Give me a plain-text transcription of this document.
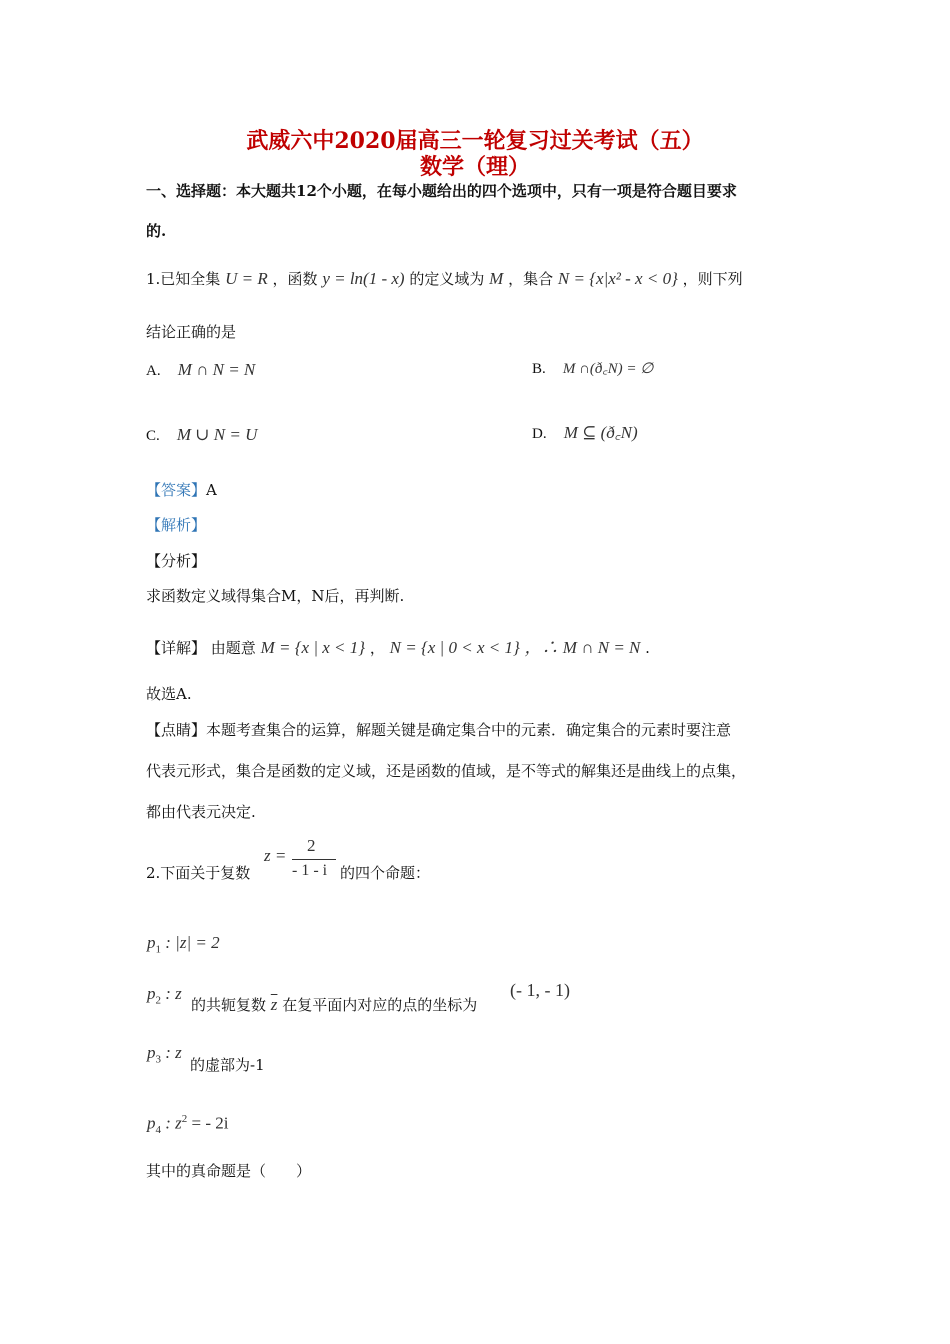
武威六中2020届高三一轮复习过关考试（五）
数学（理）
一、选择题：本大题共12个小题，在每小题给出的四个选项中，只有一项是符合题目要求
的.
1.已知全集 U = R ，函数 y = ln(1 - x) 的定义域为 M ，集合 N = {x|x² - x < 0} ，则下列
结论正确的是
A. M ∩ N = N	B. M ∩(ð꜀N) = ∅
C. M ∪ N = U	D. M ⊆ (ð꜀N)
【答案】A
【解析】
【分析】
求函数定义域得集合M，N后，再判断.
【详解】 由题意 M = {x | x < 1} ， N = {x | 0 < x < 1} ，∴ M ∩ N = N .
故选A.
【点睛】本题考查集合的运算，解题关键是确定集合中的元素．确定集合的元素时要注意
代表元形式，集合是函数的定义域，还是函数的值域，是不等式的解集还是曲线上的点集，
都由代表元决定.
2.下面关于复数
z =
2
- 1 - i 的四个命题：
$p_1$ : |z| = 2
$p_2$ : z
的共轭复数 $\overline{z}$ 在复平面内对应的点的坐标为
(- 1, - 1)
$p_3$ : z
的虚部为-1
$p_4$ : $z^2$ = - 2i
其中的真命题是（　　）
